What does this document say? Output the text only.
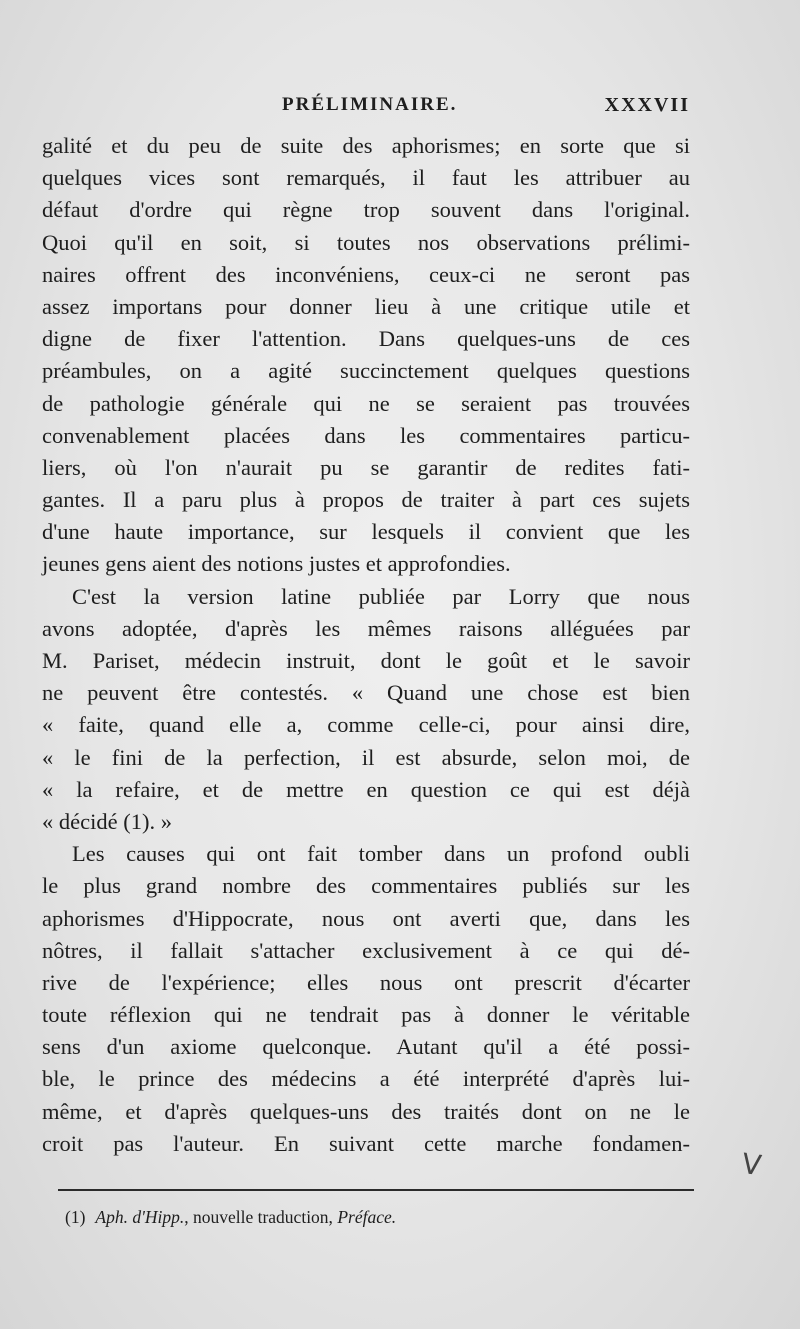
PRÉLIMINAIRE.	XXXVII
galité et du peu de suite des aphorismes; en sorte que si
quelques vices sont remarqués, il faut les attribuer au
défaut d'ordre qui règne trop souvent dans l'original.
Quoi qu'il en soit, si toutes nos observations prélimi-
naires offrent des inconvéniens, ceux-ci ne seront pas
assez importans pour donner lieu à une critique utile et
digne de fixer l'attention. Dans quelques-uns de ces
préambules, on a agité succinctement quelques questions
de pathologie générale qui ne se seraient pas trouvées
convenablement placées dans les commentaires particu-
liers, où l'on n'aurait pu se garantir de redites fati-
gantes. Il a paru plus à propos de traiter à part ces sujets
d'une haute importance, sur lesquels il convient que les
jeunes gens aient des notions justes et approfondies.
C'est la version latine publiée par Lorry que nous
avons adoptée, d'après les mêmes raisons alléguées par
M. Pariset, médecin instruit, dont le goût et le savoir
ne peuvent être contestés. « Quand une chose est bien
« faite, quand elle a, comme celle-ci, pour ainsi dire,
« le fini de la perfection, il est absurde, selon moi, de
« la refaire, et de mettre en question ce qui est déjà
« décidé (1). »
Les causes qui ont fait tomber dans un profond oubli
le plus grand nombre des commentaires publiés sur les
aphorismes d'Hippocrate, nous ont averti que, dans les
nôtres, il fallait s'attacher exclusivement à ce qui dé-
rive de l'expérience; elles nous ont prescrit d'écarter
toute réflexion qui ne tendrait pas à donner le véritable
sens d'un axiome quelconque. Autant qu'il a été possi-
ble, le prince des médecins a été interprété d'après lui-
même, et d'après quelques-uns des traités dont on ne le
croit pas l'auteur. En suivant cette marche fondamen-
(1) Aph. d'Hipp., nouvelle traduction, Préface.
V
